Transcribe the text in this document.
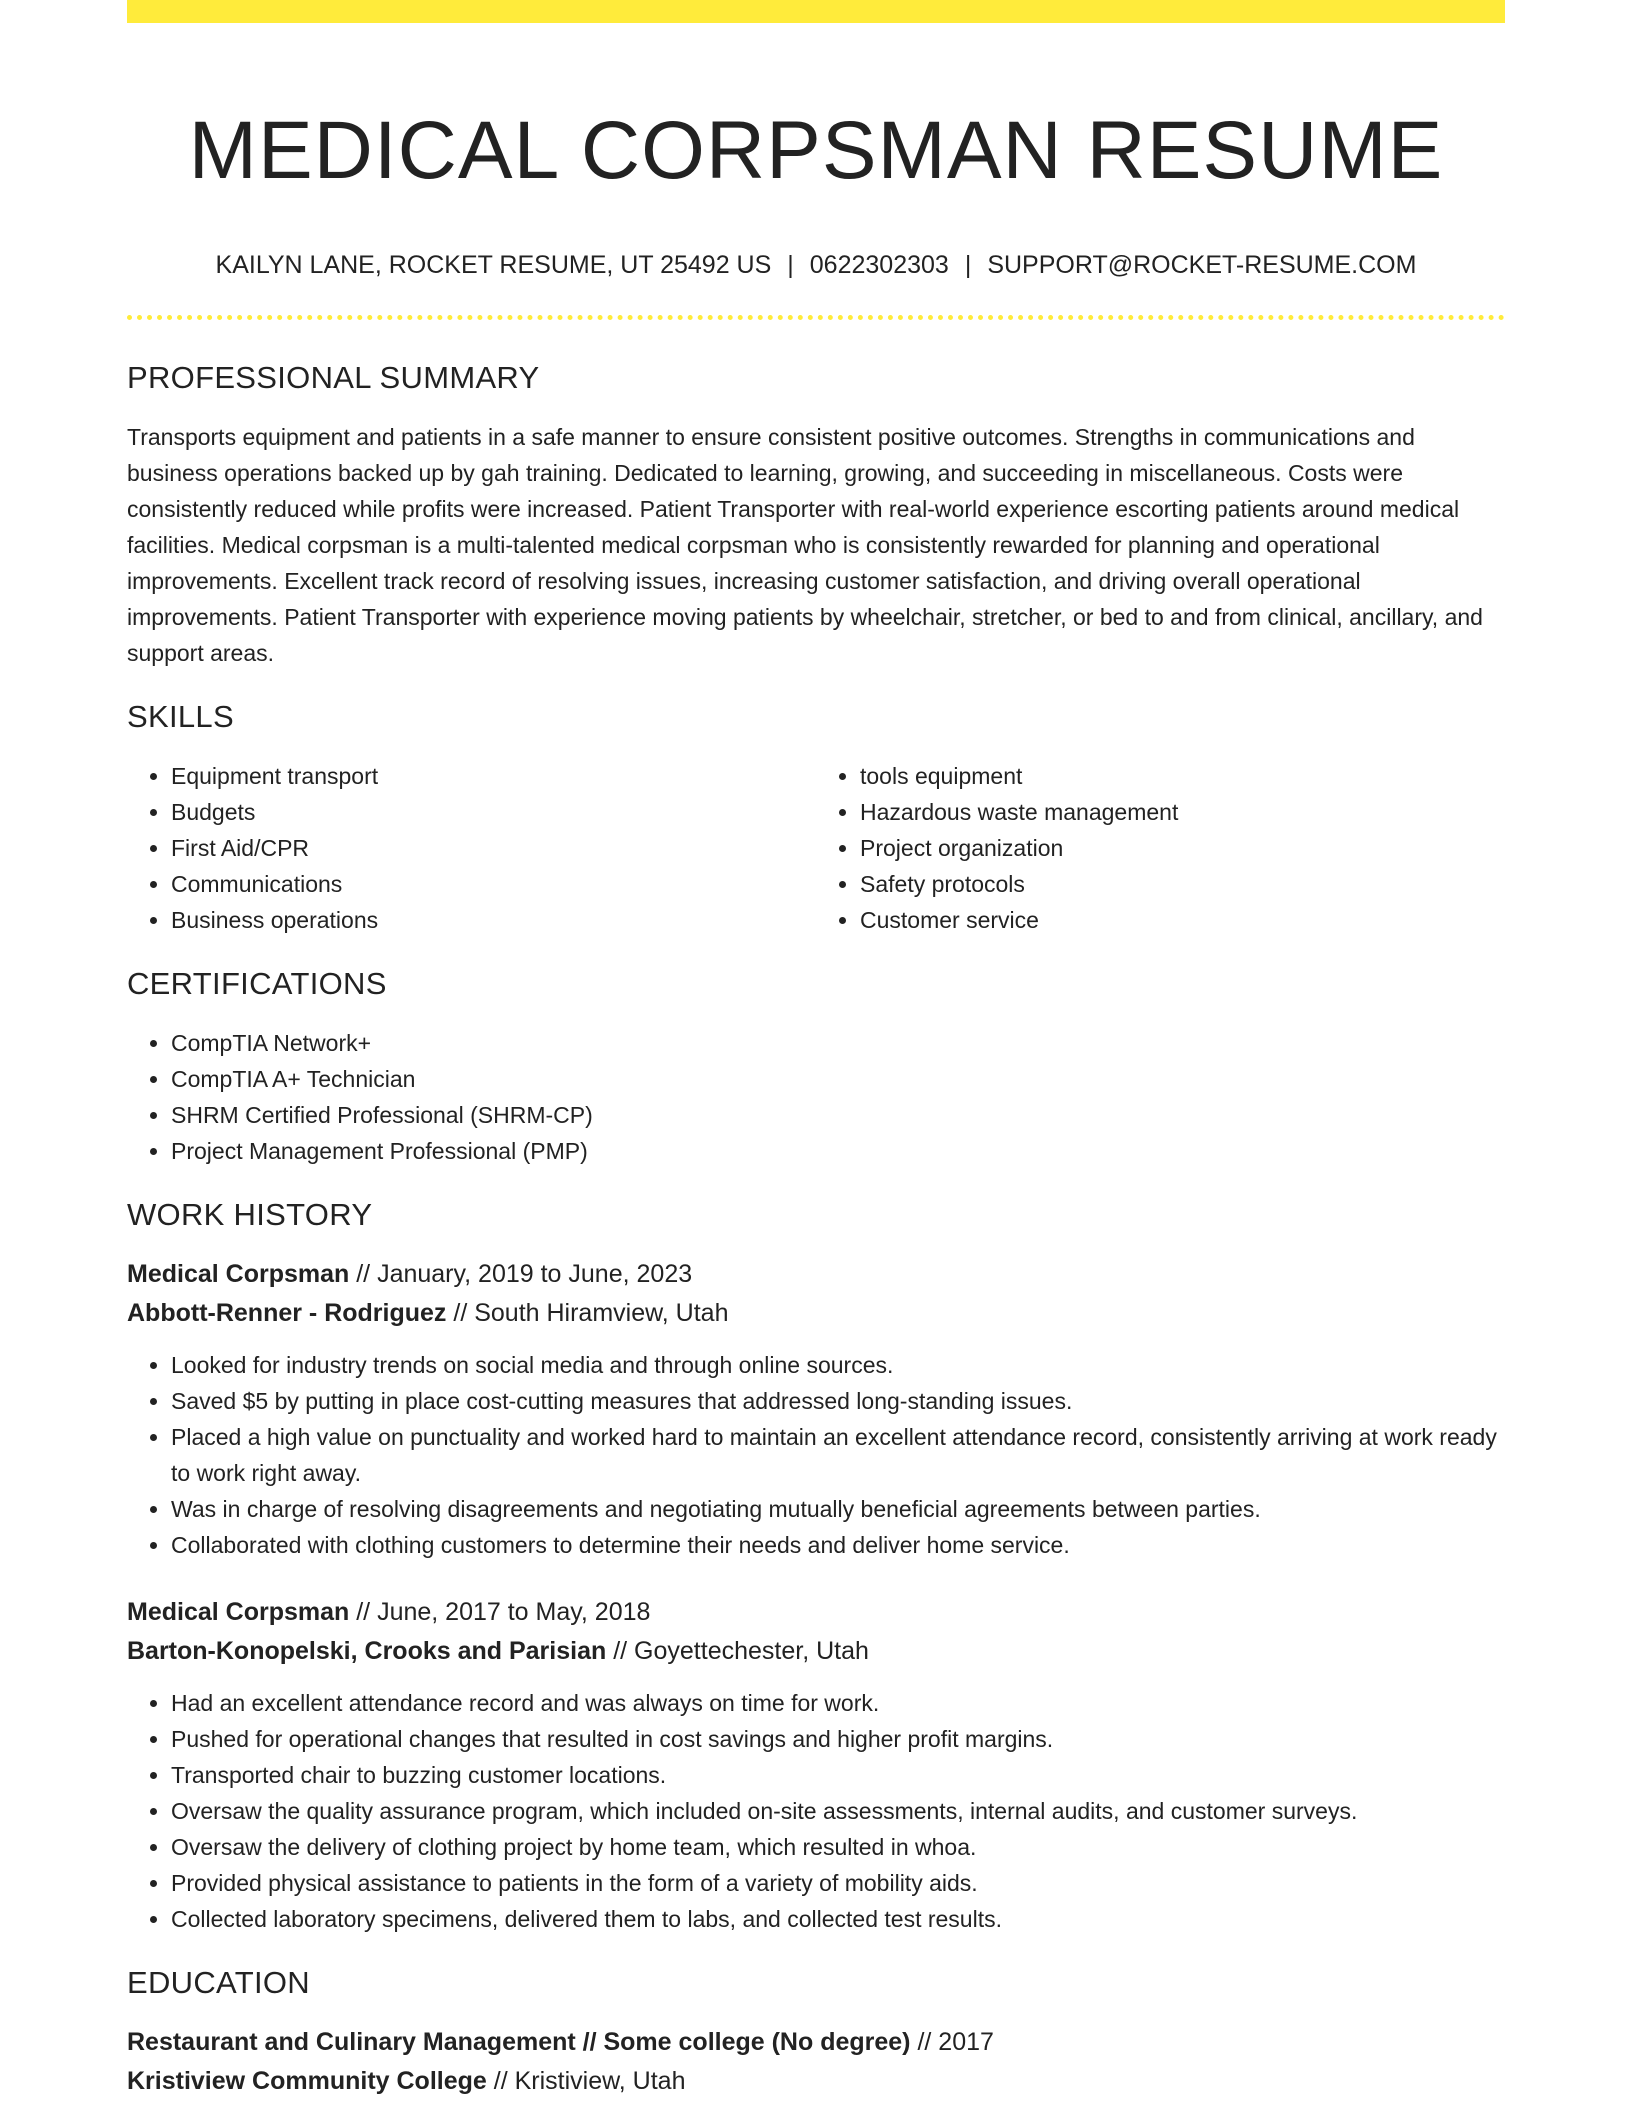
MEDICAL CORPSMAN RESUME
KAILYN LANE, ROCKET RESUME, UT 25492 US | 0622302303 | SUPPORT@ROCKET-RESUME.COM
PROFESSIONAL SUMMARY

Transports equipment and patients in a safe manner to ensure consistent positive outcomes. Strengths in communications and business operations backed up by gah training. Dedicated to learning, growing, and succeeding in miscellaneous. Costs were consistently reduced while profits were increased. Patient Transporter with real-world experience escorting patients around medical facilities. Medical corpsman is a multi-talented medical corpsman who is consistently rewarded for planning and operational improvements. Excellent track record of resolving issues, increasing customer satisfaction, and driving overall operational improvements. Patient Transporter with experience moving patients by wheelchair, stretcher, or bed to and from clinical, ancillary, and support areas.

SKILLS
• Equipment transport
• Budgets
• First Aid/CPR
• Communications
• Business operations
• tools equipment
• Hazardous waste management
• Project organization
• Safety protocols
• Customer service
CERTIFICATIONS
• CompTIA Network+
• CompTIA A+ Technician
• SHRM Certified Professional (SHRM-CP)
• Project Management Professional (PMP)
WORK HISTORY
Medical Corpsman // January, 2019 to June, 2023
Abbott-Renner - Rodriguez // South Hiramview, Utah
• Looked for industry trends on social media and through online sources.
• Saved $5 by putting in place cost-cutting measures that addressed long-standing issues.
• Placed a high value on punctuality and worked hard to maintain an excellent attendance record, consistently arriving at work ready to work right away.
• Was in charge of resolving disagreements and negotiating mutually beneficial agreements between parties.
• Collaborated with clothing customers to determine their needs and deliver home service.
Medical Corpsman // June, 2017 to May, 2018
Barton-Konopelski, Crooks and Parisian // Goyettechester, Utah
• Had an excellent attendance record and was always on time for work.
• Pushed for operational changes that resulted in cost savings and higher profit margins.
• Transported chair to buzzing customer locations.
• Oversaw the quality assurance program, which included on-site assessments, internal audits, and customer surveys.
• Oversaw the delivery of clothing project by home team, which resulted in whoa.
• Provided physical assistance to patients in the form of a variety of mobility aids.
• Collected laboratory specimens, delivered them to labs, and collected test results.
EDUCATION
Restaurant and Culinary Management // Some college (No degree) // 2017
Kristiview Community College // Kristiview, Utah
